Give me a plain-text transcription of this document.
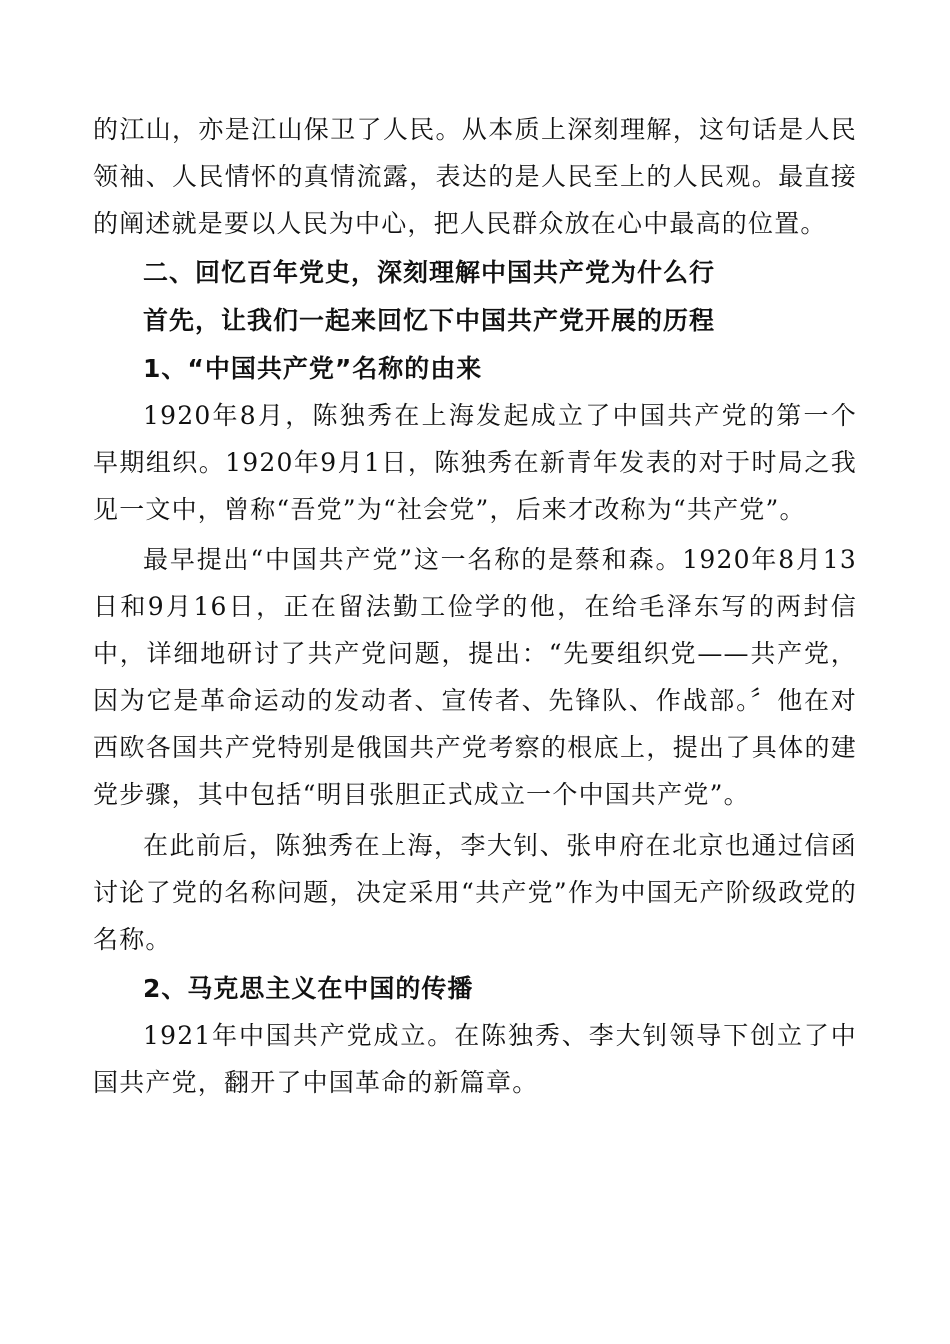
的江山，亦是江山保卫了人民。从本质上深刻理解，这句话是人民领袖、人民情怀的真情流露，表达的是人民至上的人民观。最直接的阐述就是要以人民为中心，把人民群众放在心中最高的位置。

二、回忆百年党史，深刻理解中国共产党为什么行

首先，让我们一起来回忆下中国共产党开展的历程

1、“中国共产党”名称的由来

1920年8月，陈独秀在上海发起成立了中国共产党的第一个早期组织。1920年9月1日，陈独秀在新青年发表的对于时局之我见一文中，曾称“吾党”为“社会党”，后来才改称为“共产党”。

最早提出“中国共产党”这一名称的是蔡和森。1920年8月13日和9月16日，正在留法勤工俭学的他，在给毛泽东写的两封信中，详细地研讨了共产党问题，提出：“先要组织党——共产党，因为它是革命运动的发动者、宣传者、先锋队、作战部。〞他在对西欧各国共产党特别是俄国共产党考察的根底上，提出了具体的建党步骤，其中包括“明目张胆正式成立一个中国共产党”。

在此前后，陈独秀在上海，李大钊、张申府在北京也通过信函讨论了党的名称问题，决定采用“共产党”作为中国无产阶级政党的名称。

2、马克思主义在中国的传播

1921年中国共产党成立。在陈独秀、李大钊领导下创立了中国共产党，翻开了中国革命的新篇章。
